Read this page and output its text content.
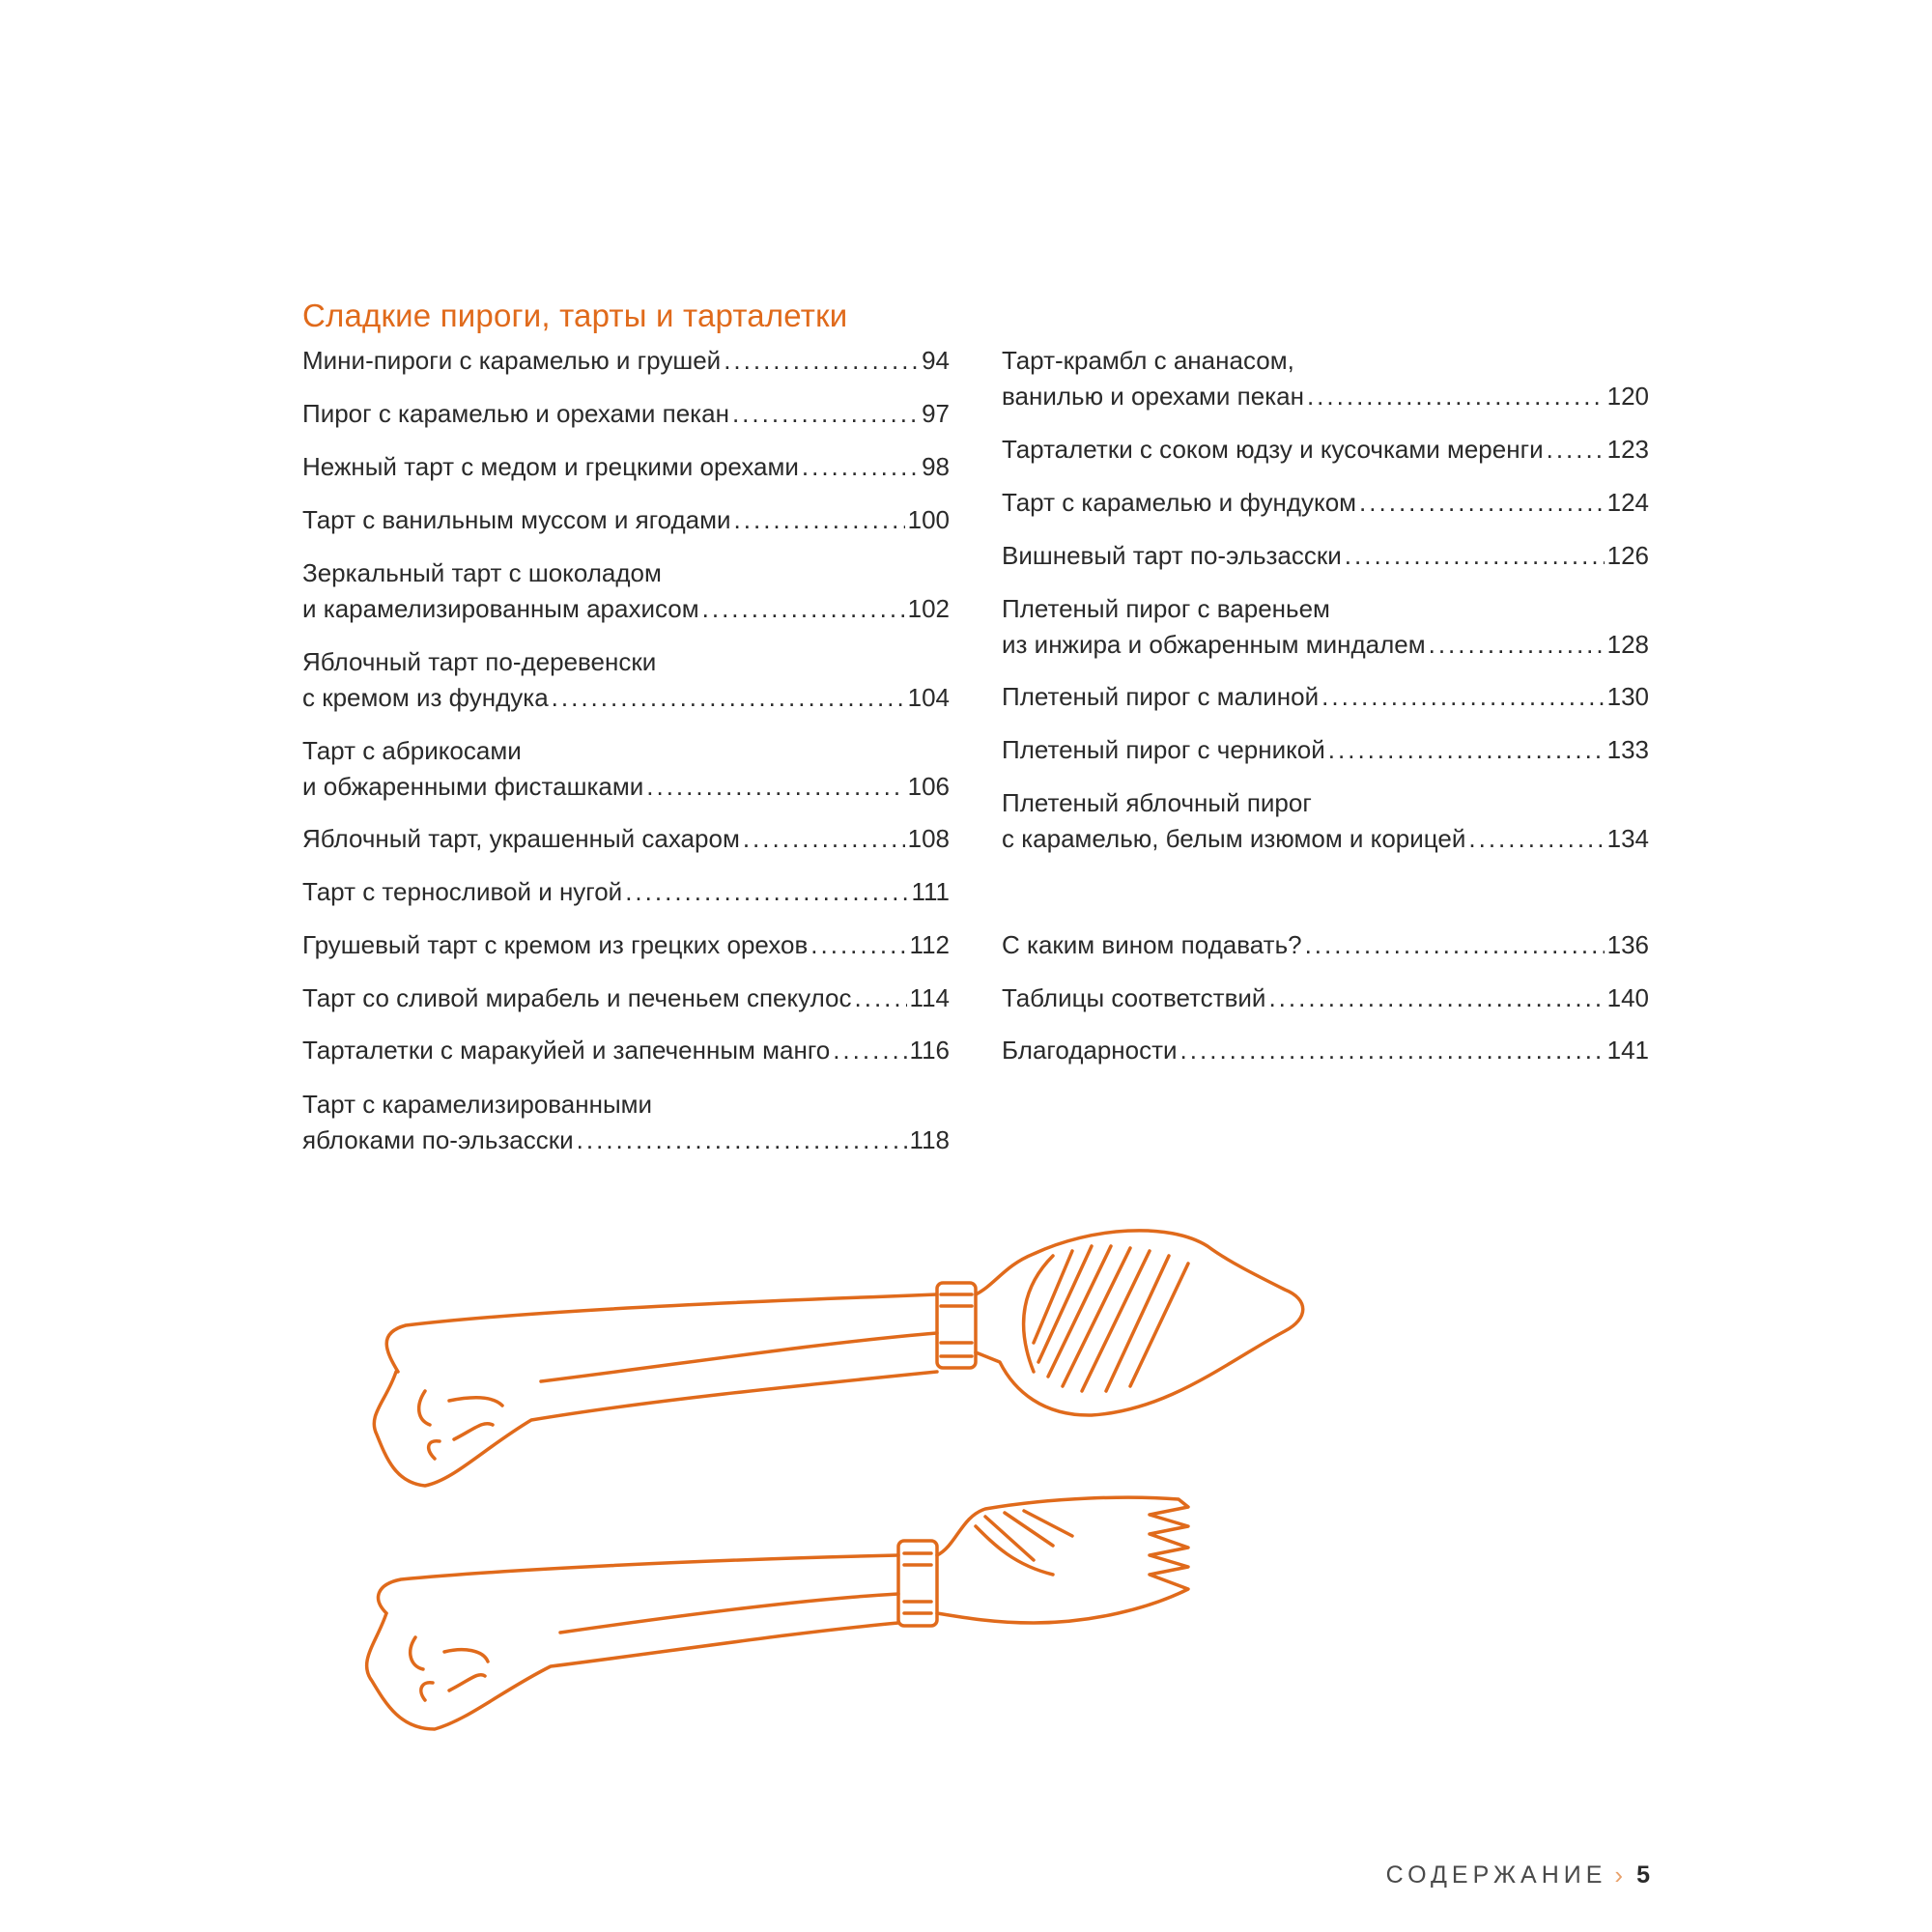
Сладкие пироги, тарты и тарталетки
Мини-пироги с карамелью и грушей .....	94
Пирог с карамелью и орехами пекан .....	97
Нежный тарт с медом и грецкими орехами .....	98
Тарт с ванильным муссом и ягодами .....	100
Зеркальный тарт с шоколадом
и карамелизированным арахисом .....	102
Яблочный тарт по-деревенски
с кремом из фундука .....	104
Тарт с абрикосами
и обжаренными фисташками .....	106
Яблочный тарт, украшенный сахаром .....	108
Тарт с терносливой и нугой .....	111
Грушевый тарт с кремом из грецких орехов .....	112
Тарт со сливой мирабель и печеньем спекулос ..... 114
Тарталетки с маракуйей и запеченным манго .....	116
Тарт с карамелизированными
яблоками по-эльзасски .....	118
Тарт-крамбл с ананасом,
ванилью и орехами пекан .....	120
Тарталетки с соком юдзу и кусочками меренги .....	123
Тарт с карамелью и фундуком .....	124
Вишневый тарт по-эльзасски .....	126
Плетеный пирог с вареньем
из инжира и обжаренным миндалем .....	128
Плетеный пирог с малиной .....	130
Плетеный пирог с черникой .....	133
Плетеный яблочный пирог
с карамелью, белым изюмом и корицей .....	134
С каким вином подавать? .....	136
Таблицы соответствий .....	140
Благодарности .....	141
СОДЕРЖАНИЕ › 5
